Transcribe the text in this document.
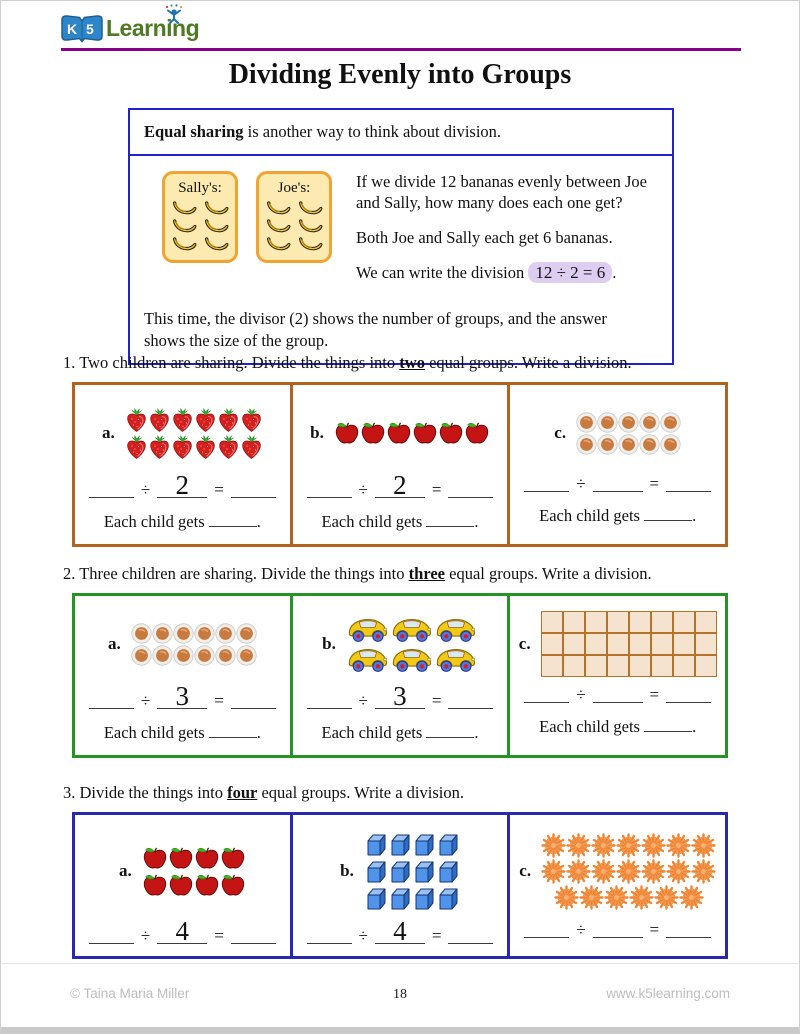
K 5 Learning
Dividing Evenly into Groups
Equal sharing is another way to think about division.
Sally's:	Joe's:	If we divide 12 bananas evenly between Joe and Sally, how many does each one get?

Both Joe and Sally each get 6 bananas.

We can write the division 12 ÷ 2 = 6 .

This time, the divisor (2) shows the number of groups, and the answer shows the size of the group.

1. Two children are sharing. Divide the things into two equal groups. Write a division.

a.
÷ 2 =
Each child gets	.
b.
÷ 2 =
Each child gets	.
c.
÷	=
Each child gets	.

2. Three children are sharing. Divide the things into three equal groups. Write a division.

a.
÷ 3 =
Each child gets	.
b.
÷ 3 =
Each child gets	.
c.
÷	=
Each child gets	.

3. Divide the things into four equal groups. Write a division.

a.
÷ 4 =
b.
÷ 4 =
c.
÷	=
© Taina Maria Miller	18	www.k5learning.com
